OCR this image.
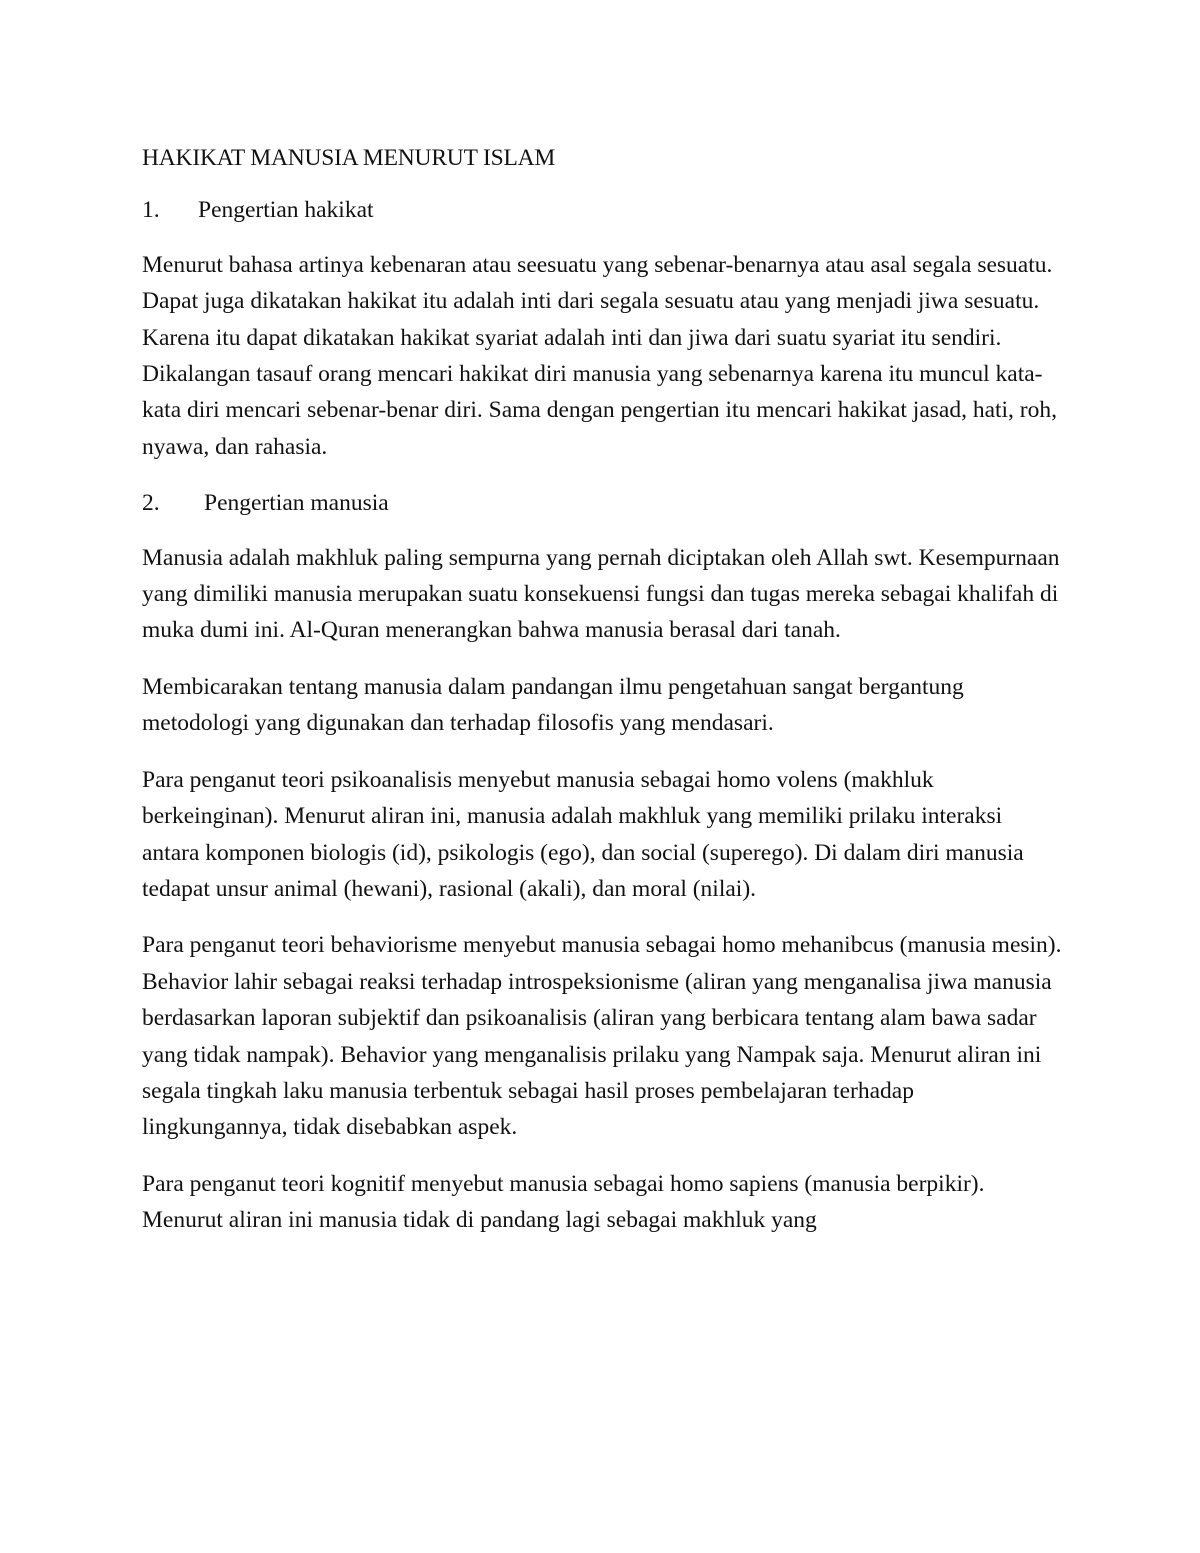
HAKIKAT MANUSIA MENURUT ISLAM
1.	Pengertian hakikat

Menurut bahasa artinya kebenaran atau seesuatu yang sebenar-benarnya atau asal segala sesuatu. Dapat juga dikatakan hakikat itu adalah inti dari segala sesuatu atau yang menjadi jiwa sesuatu. Karena itu dapat dikatakan hakikat syariat adalah inti dan jiwa dari suatu syariat itu sendiri. Dikalangan tasauf orang mencari hakikat diri manusia yang sebenarnya karena itu muncul kata-kata diri mencari sebenar-benar diri. Sama dengan pengertian itu mencari hakikat jasad, hati, roh, nyawa, dan rahasia.

2.	Pengertian manusia

Manusia adalah makhluk paling sempurna yang pernah diciptakan oleh Allah swt. Kesempurnaan yang dimiliki manusia merupakan suatu konsekuensi fungsi dan tugas mereka sebagai khalifah di muka dumi ini. Al-Quran menerangkan bahwa manusia berasal dari tanah.

Membicarakan tentang manusia dalam pandangan ilmu pengetahuan sangat bergantung metodologi yang digunakan dan terhadap filosofis yang mendasari.

Para penganut teori psikoanalisis menyebut manusia sebagai homo volens (makhluk berkeinginan). Menurut aliran ini, manusia adalah makhluk yang memiliki prilaku interaksi antara komponen biologis (id), psikologis (ego), dan social (superego). Di dalam diri manusia tedapat unsur animal (hewani), rasional (akali), dan moral (nilai).

Para penganut teori behaviorisme menyebut manusia sebagai homo mehanibcus (manusia mesin). Behavior lahir sebagai reaksi terhadap introspeksionisme (aliran yang menganalisa jiwa manusia berdasarkan laporan subjektif dan psikoanalisis (aliran yang berbicara tentang alam bawa sadar yang tidak nampak). Behavior yang menganalisis prilaku yang Nampak saja. Menurut aliran ini segala tingkah laku manusia terbentuk sebagai hasil proses pembelajaran terhadap lingkungannya, tidak disebabkan aspek.

Para penganut teori kognitif menyebut manusia sebagai homo sapiens (manusia berpikir). Menurut aliran ini manusia tidak di pandang lagi sebagai makhluk yang
